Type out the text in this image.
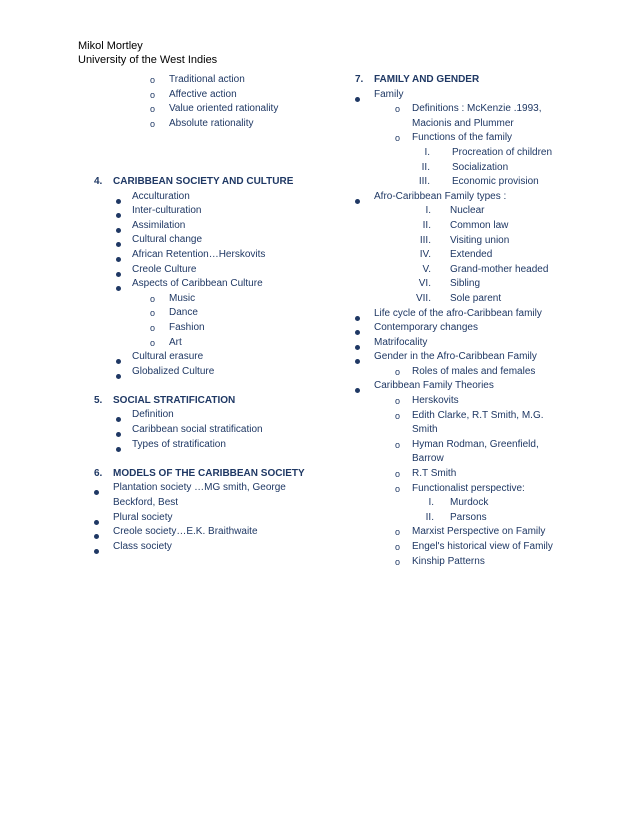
Mikol Mortley
University of the West Indies
o Traditional action
o Affective action
o Value oriented rationality
o Absolute rationality
4. CARIBBEAN SOCIETY AND CULTURE
Acculturation
Inter-culturation
Assimilation
Cultural change
African Retention…Herskovits
Creole Culture
Aspects of Caribbean Culture
o Music
o Dance
o Fashion
o Art
Cultural erasure
Globalized Culture
5. SOCIAL STRATIFICATION
Definition
Caribbean social stratification
Types of stratification
6. MODELS OF THE CARIBBEAN SOCIETY
Plantation society …MG smith, George Beckford, Best
Plural society
Creole society…E.K. Braithwaite
Class society
7. FAMILY AND GENDER
Family
o Definitions : McKenzie .1993, Macionis and Plummer
o Functions of the family
I. Procreation of children
II. Socialization
III. Economic provision
Afro-Caribbean Family types :
I. Nuclear
II. Common law
III. Visiting union
IV. Extended
V. Grand-mother headed
VI. Sibling
VII. Sole parent
Life cycle of the afro-Caribbean family
Contemporary changes
Matrifocality
Gender in the Afro-Caribbean Family
o Roles of males and females
Caribbean Family Theories
o Herskovits
o Edith Clarke, R.T Smith, M.G. Smith
o Hyman Rodman, Greenfield, Barrow
o R.T Smith
o Functionalist perspective:
I. Murdock
II. Parsons
o Marxist Perspective on Family
o Engel's historical view of Family
o Kinship Patterns
